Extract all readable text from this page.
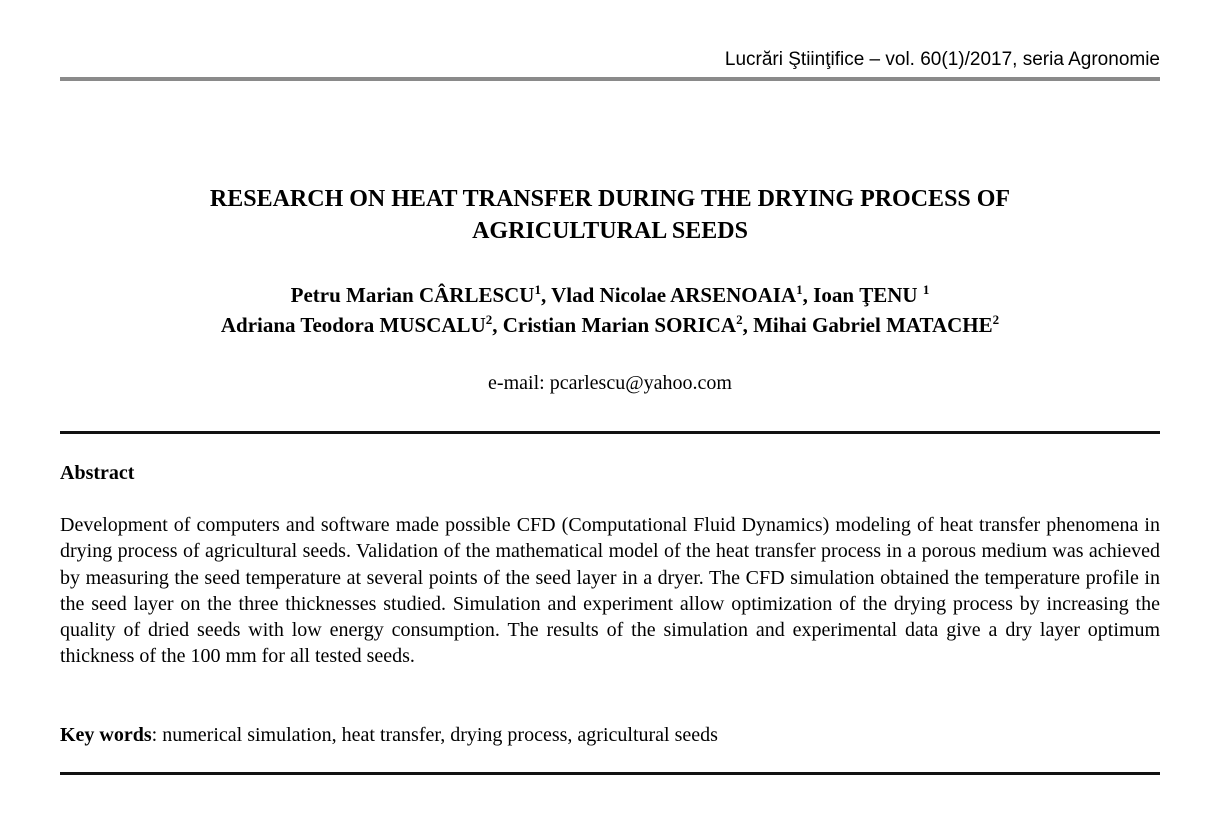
Lucrări Ştiinţifice – vol. 60(1)/2017, seria Agronomie
RESEARCH ON HEAT TRANSFER DURING THE DRYING PROCESS OF
AGRICULTURAL SEEDS
Petru Marian CÂRLESCU$^1$, Vlad Nicolae ARSENOAIA$^1$, Ioan ŢENU $^1$
Adriana Teodora MUSCALU$^2$, Cristian Marian SORICA$^2$, Mihai Gabriel MATACHE$^2$
e-mail: pcarlescu@yahoo.com
Abstract

Development of computers and software made possible CFD (Computational Fluid Dynamics) modeling of heat transfer phenomena in drying process of agricultural seeds. Validation of the mathematical model of the heat transfer process in a porous medium was achieved by measuring the seed temperature at several points of the seed layer in a dryer. The CFD simulation obtained the temperature profile in the seed layer on the three thicknesses studied. Simulation and experiment allow optimization of the drying process by increasing the quality of dried seeds with low energy consumption. The results of the simulation and experimental data give a dry layer optimum thickness of the 100 mm for all tested seeds.

Key words: numerical simulation, heat transfer, drying process, agricultural seeds
